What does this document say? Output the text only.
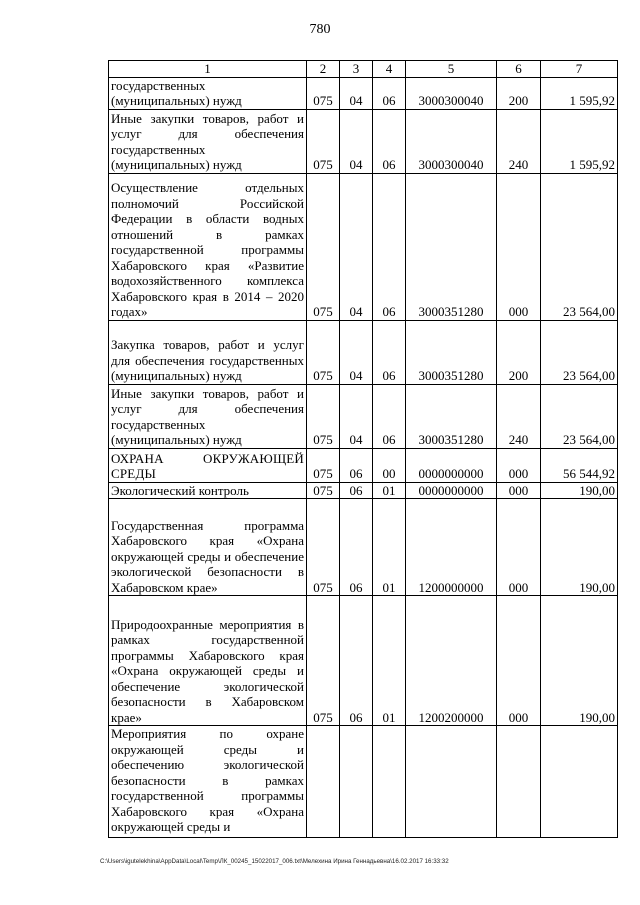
780
1	2	3	4	5	6	7
государственных (муниципальных) нужд	075	04	06	3000300040	200	1 595,92
Иные закупки товаров, работ и услуг для обеспечения государственных (муниципальных) нужд	075	04	06	3000300040	240	1 595,92
Осуществление отдельных полномочий Российской Федерации в области водных отношений в рамках государственной программы Хабаровского края «Развитие водохозяйственного комплекса Хабаровского края в 2014 – 2020 годах»	075	04	06	3000351280	000	23 564,00
Закупка товаров, работ и услуг для обеспечения государственных (муниципальных) нужд	075	04	06	3000351280	200	23 564,00
Иные закупки товаров, работ и услуг для обеспечения государственных (муниципальных) нужд	075	04	06	3000351280	240	23 564,00
ОХРАНА ОКРУЖАЮЩЕЙ СРЕДЫ	075	06	00	0000000000	000	56 544,92
Экологический контроль	075	06	01	0000000000	000	190,00
Государственная программа Хабаровского края «Охрана окружающей среды и обеспечение экологической безопасности в Хабаровском крае»	075	06	01	1200000000	000	190,00
Природоохранные мероприятия в рамках государственной программы Хабаровского края «Охрана окружающей среды и обеспечение экологической безопасности в Хабаровском крае»	075	06	01	1200200000	000	190,00
Мероприятия по охране окружающей среды и обеспечению экологической безопасности в рамках государственной программы Хабаровского края «Охрана окружающей среды и						
C:\Users\igutelekhina\AppData\Local\Temp\ЛК_00245_15022017_006.txt\Мелехина Ирина Геннадьевна\16.02.2017 16:33:32
